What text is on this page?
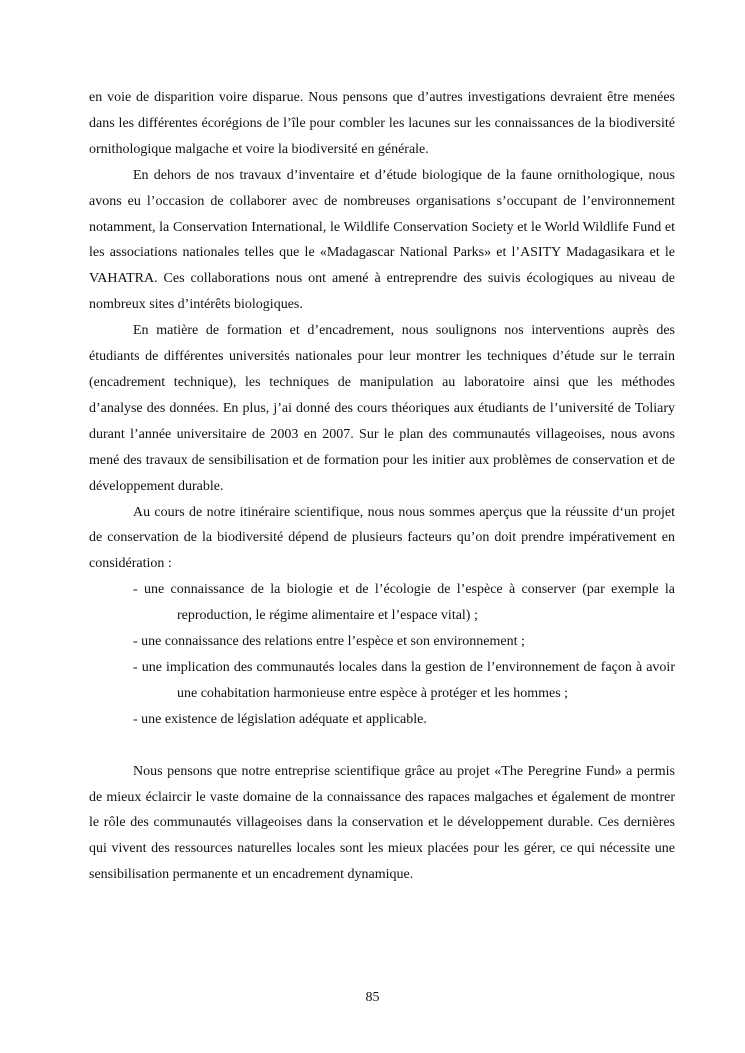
en voie de disparition voire disparue. Nous pensons que d’autres investigations devraient être menées dans les différentes écorégions de l’île pour combler les lacunes sur les connaissances de la biodiversité ornithologique malgache et voire la biodiversité en générale.

En dehors de nos travaux d’inventaire et d’étude biologique de la faune ornithologique, nous avons eu l’occasion de collaborer avec de nombreuses organisations s’occupant de l’environnement notamment, la Conservation International, le Wildlife Conservation Society et le World Wildlife Fund et les associations nationales telles que le «Madagascar National Parks» et l’ASITY Madagasikara et le VAHATRA. Ces collaborations nous ont amené à entreprendre des suivis écologiques au niveau de nombreux sites d’intérêts biologiques.

En matière de formation et d’encadrement, nous soulignons nos interventions auprès des étudiants de différentes universités nationales pour leur montrer les techniques d’étude sur le terrain (encadrement technique), les techniques de manipulation au laboratoire ainsi que les méthodes d’analyse des données. En plus, j’ai donné des cours théoriques aux étudiants de l’université de Toliary durant l’année universitaire de 2003 en 2007. Sur le plan des communautés villageoises, nous avons mené des travaux de sensibilisation et de formation pour les initier aux problèmes de conservation et de développement durable.

Au cours de notre itinéraire scientifique, nous nous sommes aperçus que la réussite d‘un projet de conservation de la biodiversité dépend de plusieurs facteurs qu’on doit prendre impérativement en considération :

- une connaissance de la biologie et de l’écologie de l’espèce à conserver (par exemple la reproduction, le régime alimentaire et l’espace vital) ;
- une connaissance des relations entre l’espèce et son environnement ;
- une implication des communautés locales dans la gestion de l’environnement de façon à avoir une cohabitation harmonieuse entre espèce à protéger et les hommes ;
- une existence de législation adéquate et applicable.

Nous pensons que notre entreprise scientifique grâce au projet «The Peregrine Fund» a permis de mieux éclaircir le vaste domaine de la connaissance des rapaces malgaches et également de montrer le rôle des communautés villageoises dans la conservation et le développement durable. Ces dernières qui vivent des ressources naturelles locales sont les mieux placées pour les gérer, ce qui nécessite une sensibilisation permanente et un encadrement dynamique.

85
